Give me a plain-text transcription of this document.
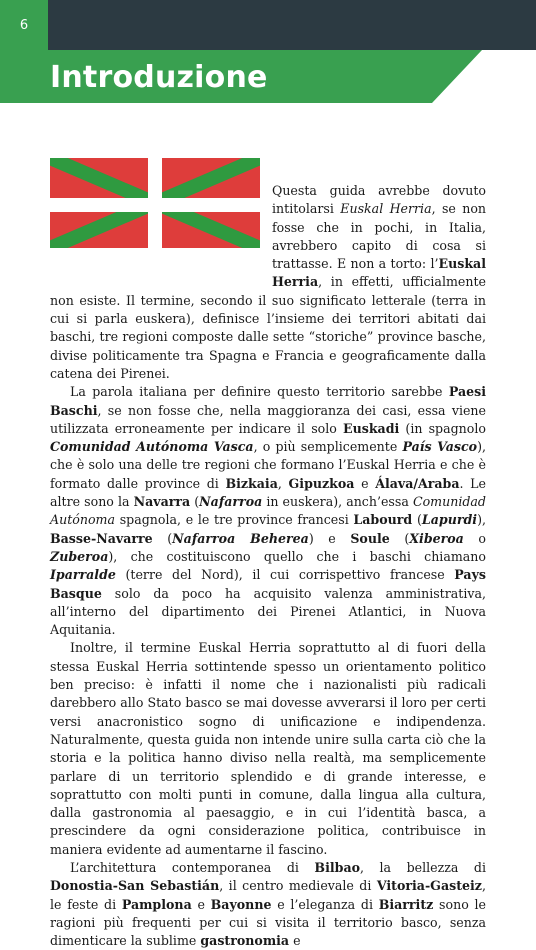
6
Introduzione

Questa guida avrebbe dovuto intitolarsi Euskal Herria, se non fosse che in pochi, in Italia, avrebbero capito di cosa si trattasse. E non a torto: l’Euskal Herria, in effetti, ufficialmente non esiste. Il termine, secondo il suo significato letterale (terra in cui si parla euskera), definisce l’insieme dei territori abitati dai baschi, tre regioni composte dalle sette “storiche” province basche, divise politicamente tra Spagna e Francia e geograficamente dalla catena dei Pirenei.

La parola italiana per definire questo territorio sarebbe Paesi Baschi, se non fosse che, nella maggioranza dei casi, essa viene utilizzata erroneamente per indicare il solo Euskadi (in spagnolo Comunidad Autónoma Vasca, o più semplicemente País Vasco), che è solo una delle tre regioni che formano l’Euskal Herria e che è formato dalle province di Bizkaia, Gipuzkoa e Álava/Araba. Le altre sono la Navarra (Nafarroa in euskera), anch’essa Comunidad Autónoma spagnola, e le tre province francesi Labourd (Lapurdi), Basse-Navarre (Nafarroa Beherea) e Soule (Xiberoa o Zuberoa), che costituiscono quello che i baschi chiamano Iparralde (terre del Nord), il cui corrispettivo francese Pays Basque solo da poco ha acquisito valenza amministrativa, all’interno del dipartimento dei Pirenei Atlantici, in Nuova Aquitania.

Inoltre, il termine Euskal Herria soprattutto al di fuori della stessa Euskal Herria sottintende spesso un orientamento politico ben preciso: è infatti il nome che i nazionalisti più radicali darebbero allo Stato basco se mai dovesse avverarsi il loro per certi versi anacronistico sogno di unificazione e indipendenza. Naturalmente, questa guida non intende unire sulla carta ciò che la storia e la politica hanno diviso nella realtà, ma semplicemente parlare di un territorio splendido e di grande interesse, e soprattutto con molti punti in comune, dalla lingua alla cultura, dalla gastronomia al paesaggio, e in cui l’identità basca, a prescindere da ogni considerazione politica, contribuisce in maniera evidente ad aumentarne il fascino.

L’architettura contemporanea di Bilbao, la bellezza di Donostia-San Sebastián, il centro medievale di Vitoria-Gasteiz, le feste di Pamplona e Bayonne e l’eleganza di Biarritz sono le ragioni più frequenti per cui si visita il territorio basco, senza dimenticare la sublime gastronomia e
